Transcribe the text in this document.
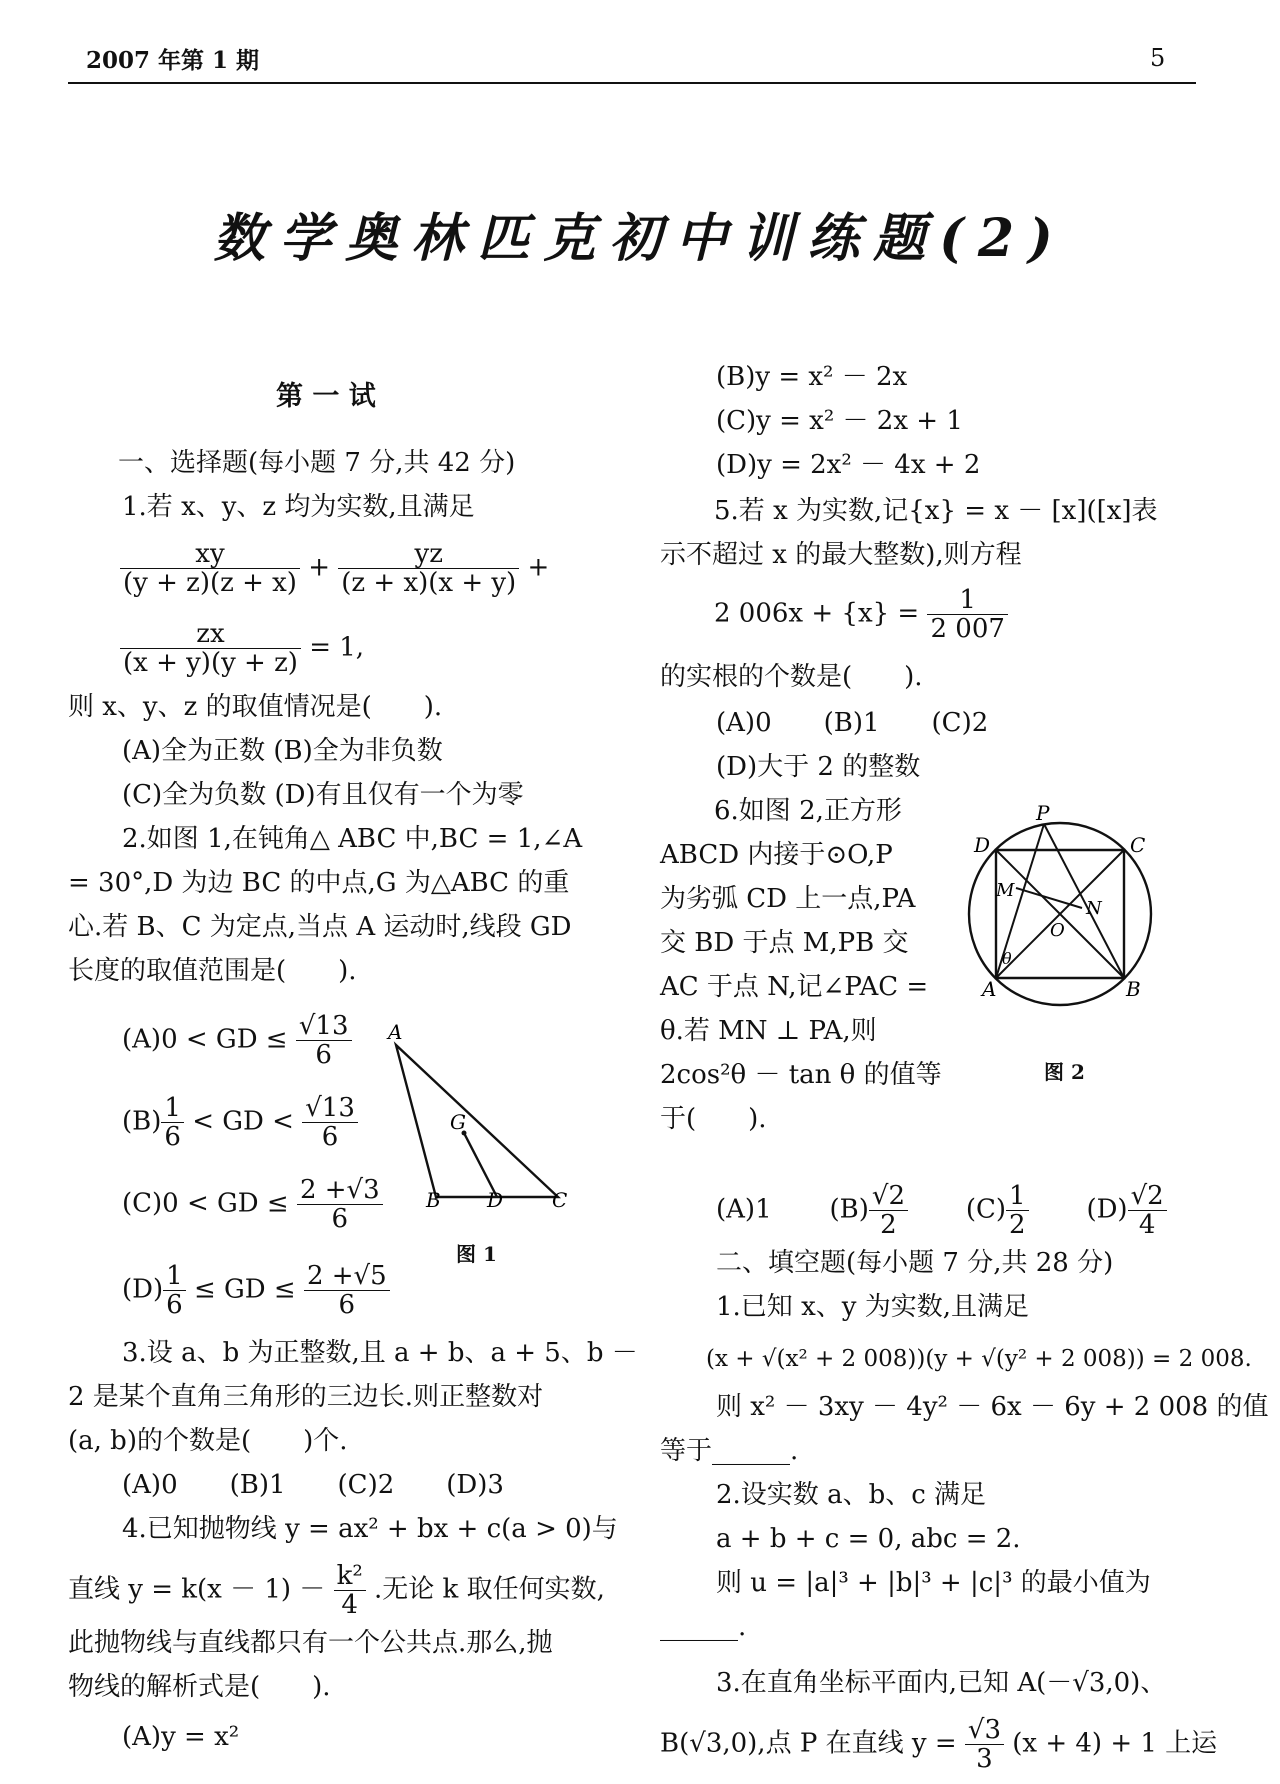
2007 年第 1 期	5
数学奥林匹克初中训练题(2)
第 一 试
一、选择题(每小题 7 分,共 42 分)
1.若 x、y、z 均为实数,且满足
$\frac{xy}{(y + z)(z + x)} + \frac{yz}{(z + x)(x + y)}$ +
$\frac{zx}{(x + y)(y + z)} = 1$,
则 x、y、z 的取值情况是(　　).
(A)全为正数 (B)全为非负数
(C)全为负数 (D)有且仅有一个为零
2.如图 1,在钝角△ ABC 中,BC = 1,∠A
= 30°,D 为边 BC 的中点,G 为△ABC 的重
心.若 B、C 为定点,当点 A 运动时,线段 GD
长度的取值范围是(　　).
(A)0 < GD ≤ $\frac{√13}{6}$
$(B) \frac{1}{6}$ < GD < $\frac{√13}{6}$
(C)0 < GD ≤ $\frac{2 +√3}{6}$
$(D) \frac{1}{6}$ ≤ GD ≤ $\frac{2 +√5}{6}$
A
G
B D C
图 1
3.设 a、b 为正整数,且 a + b、a + 5、b －
2 是某个直角三角形的三边长.则正整数对
(a, b)的个数是(　　)个.
(A)0　　(B)1　　(C)2　　(D)3
4.已知抛物线 y = ax² + bx + c(a > 0)与
直线 $y = k(x - 1) - \frac{\text{k²}}{4}$ .无论 k 取任何实数,
此抛物线与直线都只有一个公共点.那么,抛
物线的解析式是(　　).
(A)y = x²
(B)y = x² － 2x
(C)y = x² － 2x + 1
(D)y = 2x² － 4x + 2
5.若 x 为实数,记{x} = x － [x]([x]表
示不超过 x 的最大整数),则方程
2 $006x + \{x\} = \frac{1}{2 007}$
的实根的个数是(　　).
(A)0　　(B)1　　(C)2
(D)大于 2 的整数
6.如图 2,正方形
ABCD 内接于⊙O,P
为劣弧 CD 上一点,PA
交 BD 于点 M,PB 交
AC 于点 N,记∠PAC =
θ.若 MN ⊥ PA,则
2cos²θ － tan θ 的值等
于(　　).
P
D	C
M
N
O
θ
A	B
图 2
(A)1 $(B) \frac{√2}{2} (C) \frac{1}{2} (D) \frac{√2}{4}$
二、填空题(每小题 7 分,共 28 分)
1.已知 x、y 为实数,且满足
(x + √(x² + 2 008))(y + √(y² + 2 008)) = 2 008.
则 x² － 3xy － 4y² － 6x － 6y + 2 008 的值
等于______.
2.设实数 a、b、c 满足
a + b + c = 0, abc = 2.
则 u = |a|³ + |b|³ + |c|³ 的最小值为
______.
3.在直角坐标平面内,已知 A(－√3,0)、
B(√3,0),点 P 在直线 $y = \frac{√3}{3} (x + 4) + 1$ 上运
